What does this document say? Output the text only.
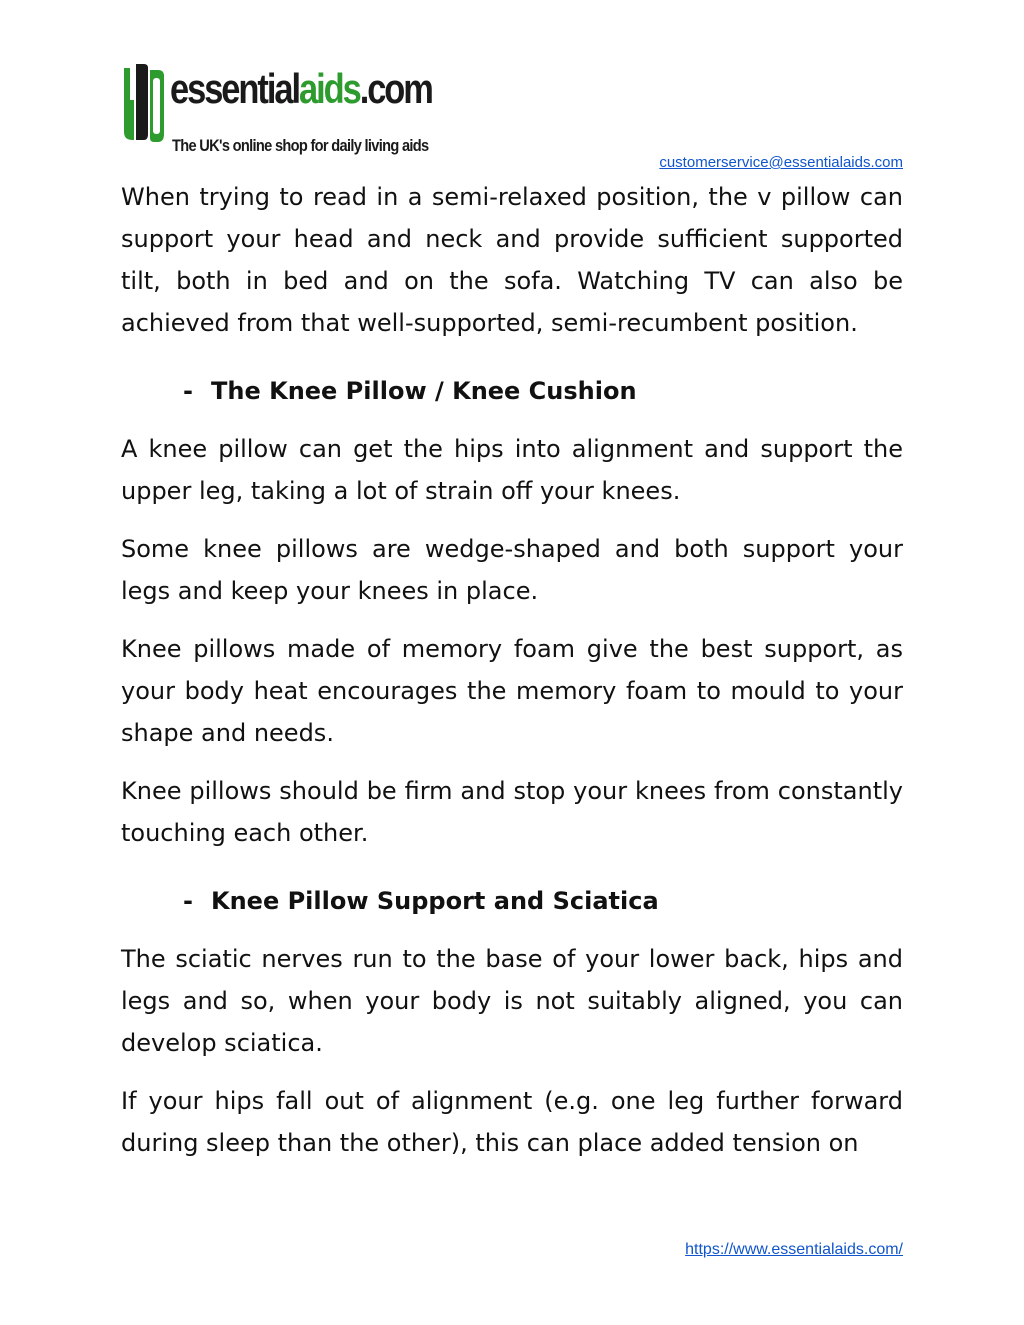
essentialaids.com
The UK's online shop for daily living aids
customerservice@essentialaids.com

When trying to read in a semi-relaxed position, the v pillow can support your head and neck and provide sufficient supported tilt, both in bed and on the sofa. Watching TV can also be achieved from that well-supported, semi-recumbent position.

- The Knee Pillow / Knee Cushion

A knee pillow can get the hips into alignment and support the upper leg, taking a lot of strain off your knees.

Some knee pillows are wedge-shaped and both support your legs and keep your knees in place.

Knee pillows made of memory foam give the best support, as your body heat encourages the memory foam to mould to your shape and needs.

Knee pillows should be firm and stop your knees from constantly touching each other.

- Knee Pillow Support and Sciatica

The sciatic nerves run to the base of your lower back, hips and legs and so, when your body is not suitably aligned, you can develop sciatica.

If your hips fall out of alignment (e.g. one leg further forward during sleep than the other), this can place added tension on

https://www.essentialaids.com/
